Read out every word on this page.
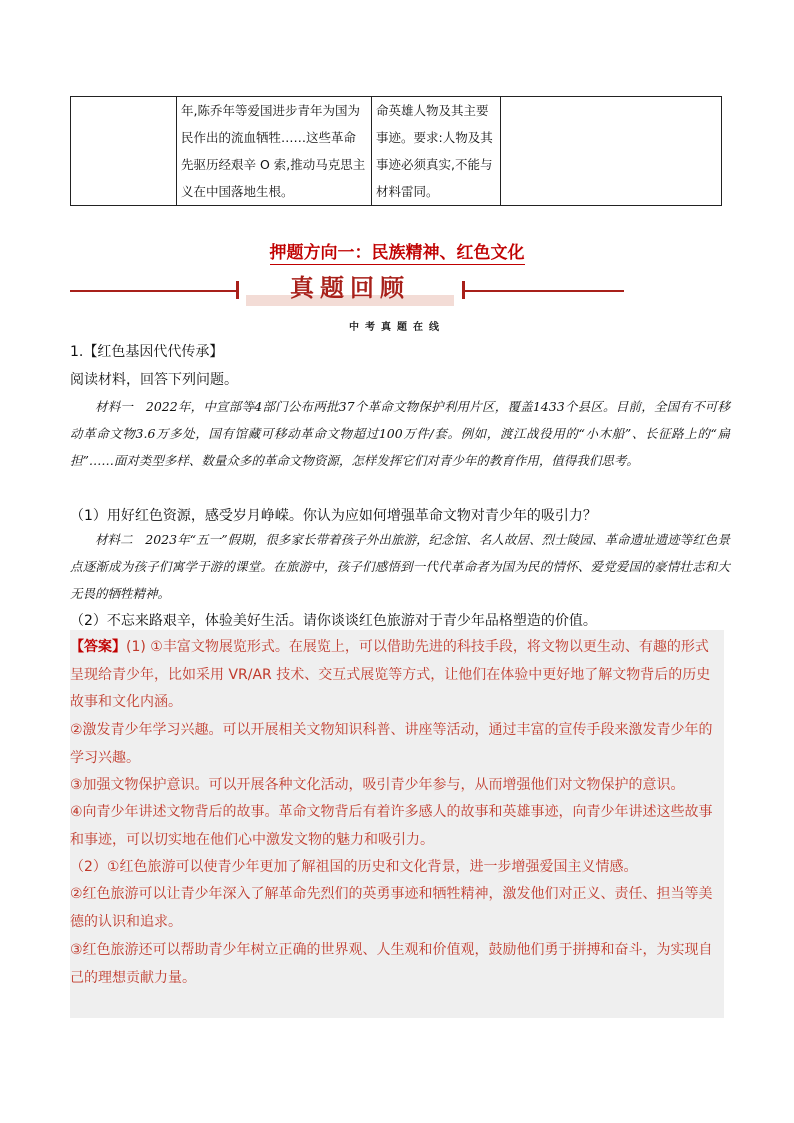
	年,陈乔年等爱国进步青年为国为民作出的流血牺牲……这些革命先驱历经艰辛 O 索,推动马克思主义在中国落地生根。	命英雄人物及其主要事迹。要求:人物及其事迹必须真实,不能与材料雷同。	
押题方向一：民族精神、红色文化
真题回顾
中考真题在线

1.【红色基因代代传承】

阅读材料，回答下列问题。

材料一　2022年，中宣部等4部门公布两批37个革命文物保护利用片区，覆盖1433个县区。目前，全国有不可移动革命文物3.6万多处，国有馆藏可移动革命文物超过100万件/套。例如，渡江战役用的“小木船”、长征路上的“扁担”……面对类型多样、数量众多的革命文物资源，怎样发挥它们对青少年的教育作用，值得我们思考。

（1）用好红色资源，感受岁月峥嵘。你认为应如何增强革命文物对青少年的吸引力？

材料二　2023年“五一”假期，很多家长带着孩子外出旅游，纪念馆、名人故居、烈士陵园、革命遗址遗迹等红色景点逐渐成为孩子们寓学于游的课堂。在旅游中，孩子们感悟到一代代革命者为国为民的情怀、爱党爱国的豪情壮志和大无畏的牺牲精神。

（2）不忘来路艰辛，体验美好生活。请你谈谈红色旅游对于青少年品格塑造的价值。

【答案】(1) ①丰富文物展览形式。在展览上，可以借助先进的科技手段，将文物以更生动、有趣的形式呈现给青少年，比如采用 VR/AR 技术、交互式展览等方式，让他们在体验中更好地了解文物背后的历史故事和文化内涵。

②激发青少年学习兴趣。可以开展相关文物知识科普、讲座等活动，通过丰富的宣传手段来激发青少年的学习兴趣。

③加强文物保护意识。可以开展各种文化活动，吸引青少年参与，从而增强他们对文物保护的意识。

④向青少年讲述文物背后的故事。革命文物背后有着许多感人的故事和英雄事迹，向青少年讲述这些故事和事迹，可以切实地在他们心中激发文物的魅力和吸引力。

（2）①红色旅游可以使青少年更加了解祖国的历史和文化背景，进一步增强爱国主义情感。

②红色旅游可以让青少年深入了解革命先烈们的英勇事迹和牺牲精神，激发他们对正义、责任、担当等美德的认识和追求。

③红色旅游还可以帮助青少年树立正确的世界观、人生观和价值观，鼓励他们勇于拼搏和奋斗，为实现自己的理想贡献力量。
